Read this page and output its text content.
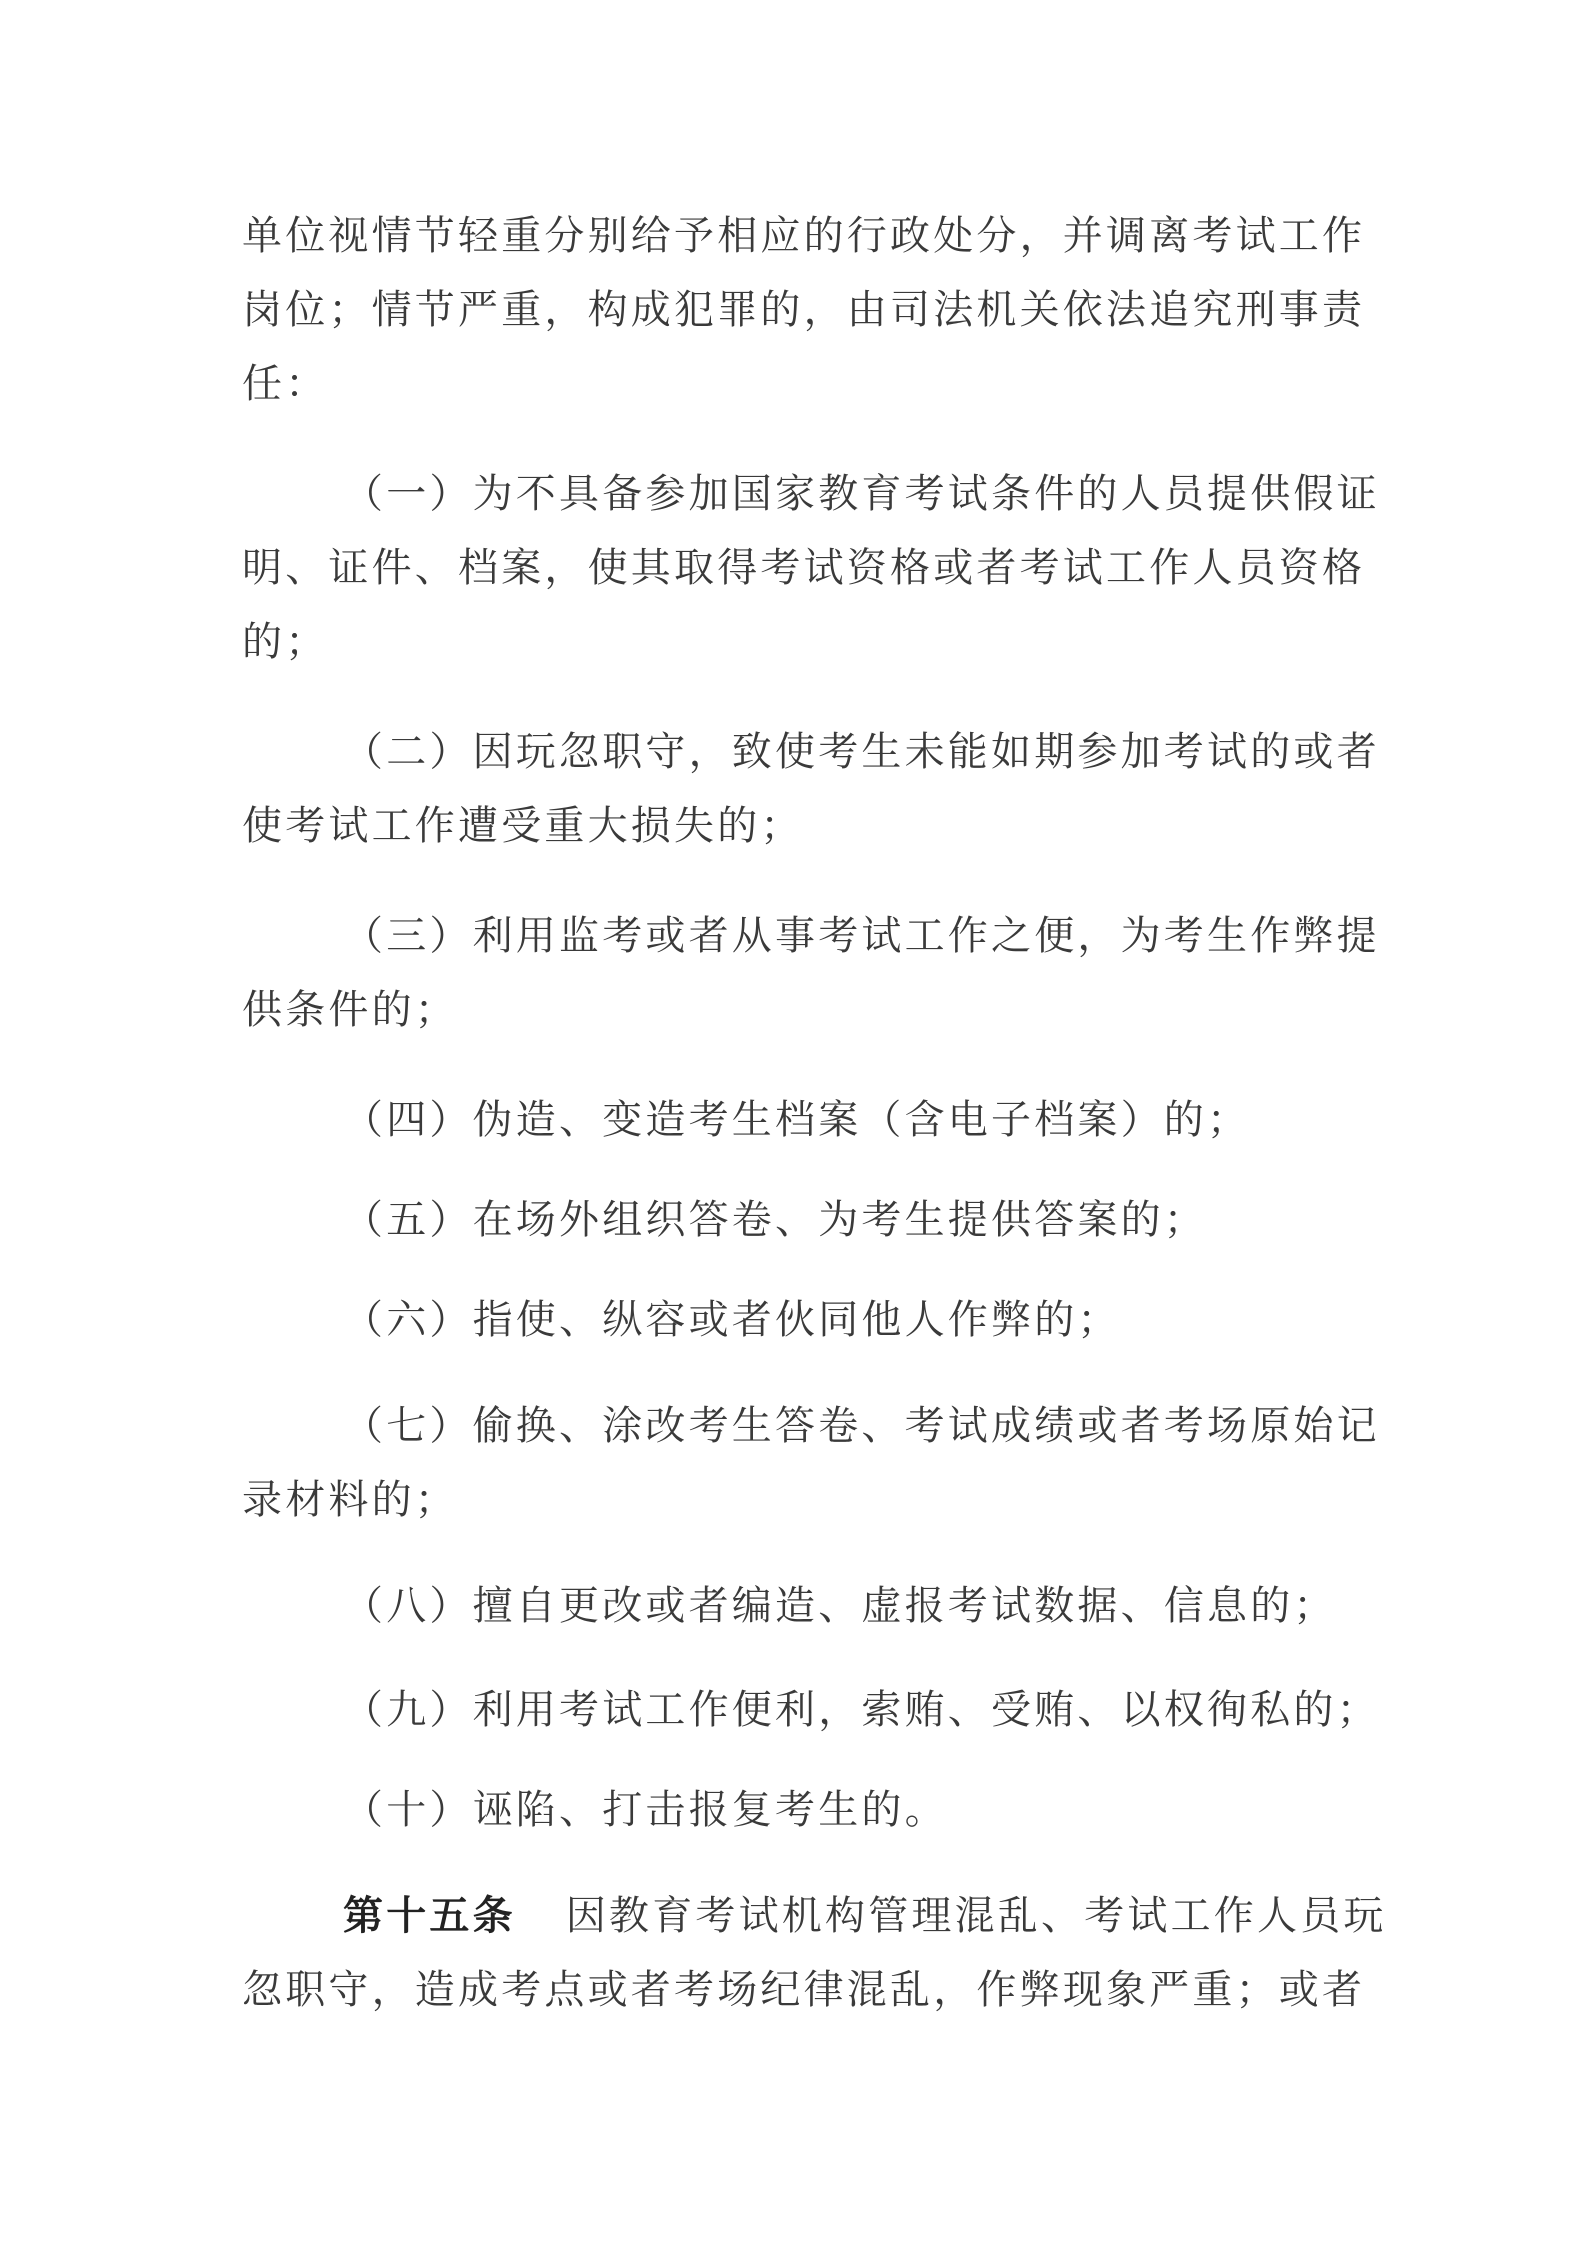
单位视情节轻重分别给予相应的行政处分，并调离考试工作
岗位；情节严重，构成犯罪的，由司法机关依法追究刑事责
任：
（一）为不具备参加国家教育考试条件的人员提供假证
明、证件、档案，使其取得考试资格或者考试工作人员资格
的；
（二）因玩忽职守，致使考生未能如期参加考试的或者
使考试工作遭受重大损失的；
（三）利用监考或者从事考试工作之便，为考生作弊提
供条件的；
（四）伪造、变造考生档案（含电子档案）的；
（五）在场外组织答卷、为考生提供答案的；
（六）指使、纵容或者伙同他人作弊的；
（七）偷换、涂改考生答卷、考试成绩或者考场原始记
录材料的；
（八）擅自更改或者编造、虚报考试数据、信息的；
（九）利用考试工作便利，索贿、受贿、以权徇私的；
（十）诬陷、打击报复考生的。
第十五条 因教育考试机构管理混乱、考试工作人员玩
忽职守，造成考点或者考场纪律混乱，作弊现象严重；或者
